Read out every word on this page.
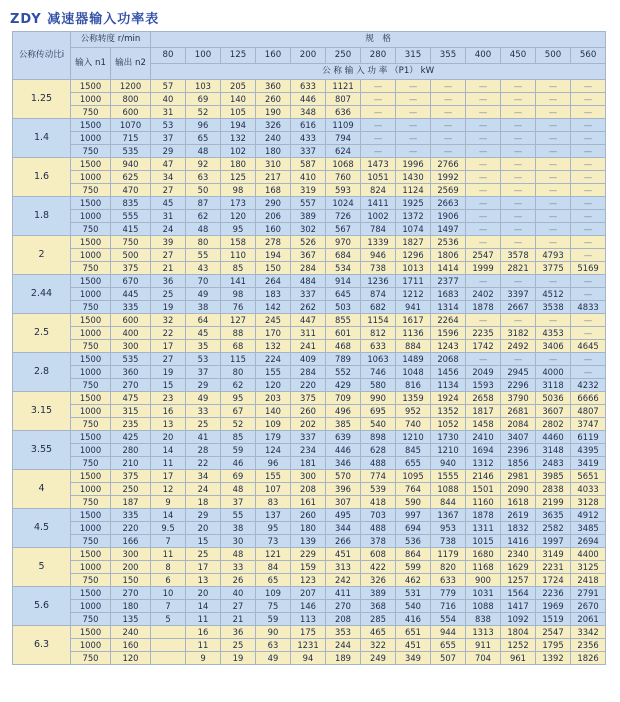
ZDY 减速器输入功率表
公称传动比i	公称转度 r/min		规　格												
	输入 n1	输出 n2	80	100	125	160	200	250	280	315	355	400	450	500	560
			公 称 输 入 功 率 （P1） kW												
1.25	1500	1200	57	103	205	360	633	1121	—	—	—	—	—	—	—
	1000	800	40	69	140	260	446	807	—	—	—	—	—	—	—
	750	600	31	52	105	190	348	636	—	—	—	—	—	—	—
1.4	1500	1070	53	96	194	326	616	1109	—	—	—	—	—	—	—
	1000	715	37	65	132	240	433	794	—	—	—	—	—	—	—
	750	535	29	48	102	180	337	624	—	—	—	—	—	—	—
1.6	1500	940	47	92	180	310	587	1068	1473	1996	2766	—	—	—	—
	1000	625	34	63	125	217	410	760	1051	1430	1992	—	—	—	—
	750	470	27	50	98	168	319	593	824	1124	2569	—	—	—	—
1.8	1500	835	45	87	173	290	557	1024	1411	1925	2663	—	—	—	—
	1000	555	31	62	120	206	389	726	1002	1372	1906	—	—	—	—
	750	415	24	48	95	160	302	567	784	1074	1497	—	—	—	—
2	1500	750	39	80	158	278	526	970	1339	1827	2536	—	—	—	—
	1000	500	27	55	110	194	367	684	946	1296	1806	2547	3578	4793	—
	750	375	21	43	85	150	284	534	738	1013	1414	1999	2821	3775	5169
2.44	1500	670	36	70	141	264	484	914	1236	1711	2377	—	—	—	—
	1000	445	25	49	98	183	337	645	874	1212	1683	2402	3397	4512	—
	750	335	19	38	76	142	262	503	682	941	1314	1878	2667	3538	4833
2.5	1500	600	32	64	127	245	447	855	1154	1617	2264	—	—	—	—
	1000	400	22	45	88	170	311	601	812	1136	1596	2235	3182	4353	—
	750	300	17	35	68	132	241	468	633	884	1243	1742	2492	3406	4645
2.8	1500	535	27	53	115	224	409	789	1063	1489	2068	—	—	—	—
	1000	360	19	37	80	155	284	552	746	1048	1456	2049	2945	4000	—
	750	270	15	29	62	120	220	429	580	816	1134	1593	2296	3118	4232
3.15	1500	475	23	49	95	203	375	709	990	1359	1924	2658	3790	5036	6666
	1000	315	16	33	67	140	260	496	695	952	1352	1817	2681	3607	4807
	750	235	13	25	52	109	202	385	540	740	1052	1458	2084	2802	3747
3.55	1500	425	20	41	85	179	337	639	898	1210	1730	2410	3407	4460	6119
	1000	280	14	28	59	124	234	446	628	845	1210	1694	2396	3148	4395
	750	210	11	22	46	96	181	346	488	655	940	1312	1856	2483	3419
4	1500	375	17	34	69	155	300	570	774	1095	1555	2146	2981	3985	5651
	1000	250	12	24	48	107	208	396	539	764	1088	1501	2090	2838	4033
	750	187	9	18	37	83	161	307	418	590	844	1160	1618	2199	3128
4.5	1500	335	14	29	55	137	260	495	703	997	1367	1878	2619	3635	4912
	1000	220	9.5	20	38	95	180	344	488	694	953	1311	1832	2582	3485
	750	166	7	15	30	73	139	266	378	536	738	1015	1416	1997	2694
5	1500	300	11	25	48	121	229	451	608	864	1179	1680	2340	3149	4400
	1000	200	8	17	33	84	159	313	422	599	820	1168	1629	2231	3125
	750	150	6	13	26	65	123	242	326	462	633	900	1257	1724	2418
5.6	1500	270	10	20	40	109	207	411	389	531	779	1031	1564	2236	2791
	1000	180	7	14	27	75	146	270	368	540	716	1088	1417	1969	2670
	750	135	5	11	21	59	113	208	285	416	554	838	1092	1519	2061
6.3	1500	240		16	36	90	175	353	465	651	944	1313	1804	2547	3342
	1000	160		11	25	63	1231	244	322	451	655	911	1252	1795	2356
	750	120		9	19	49	94	189	249	349	507	704	961	1392	1826
